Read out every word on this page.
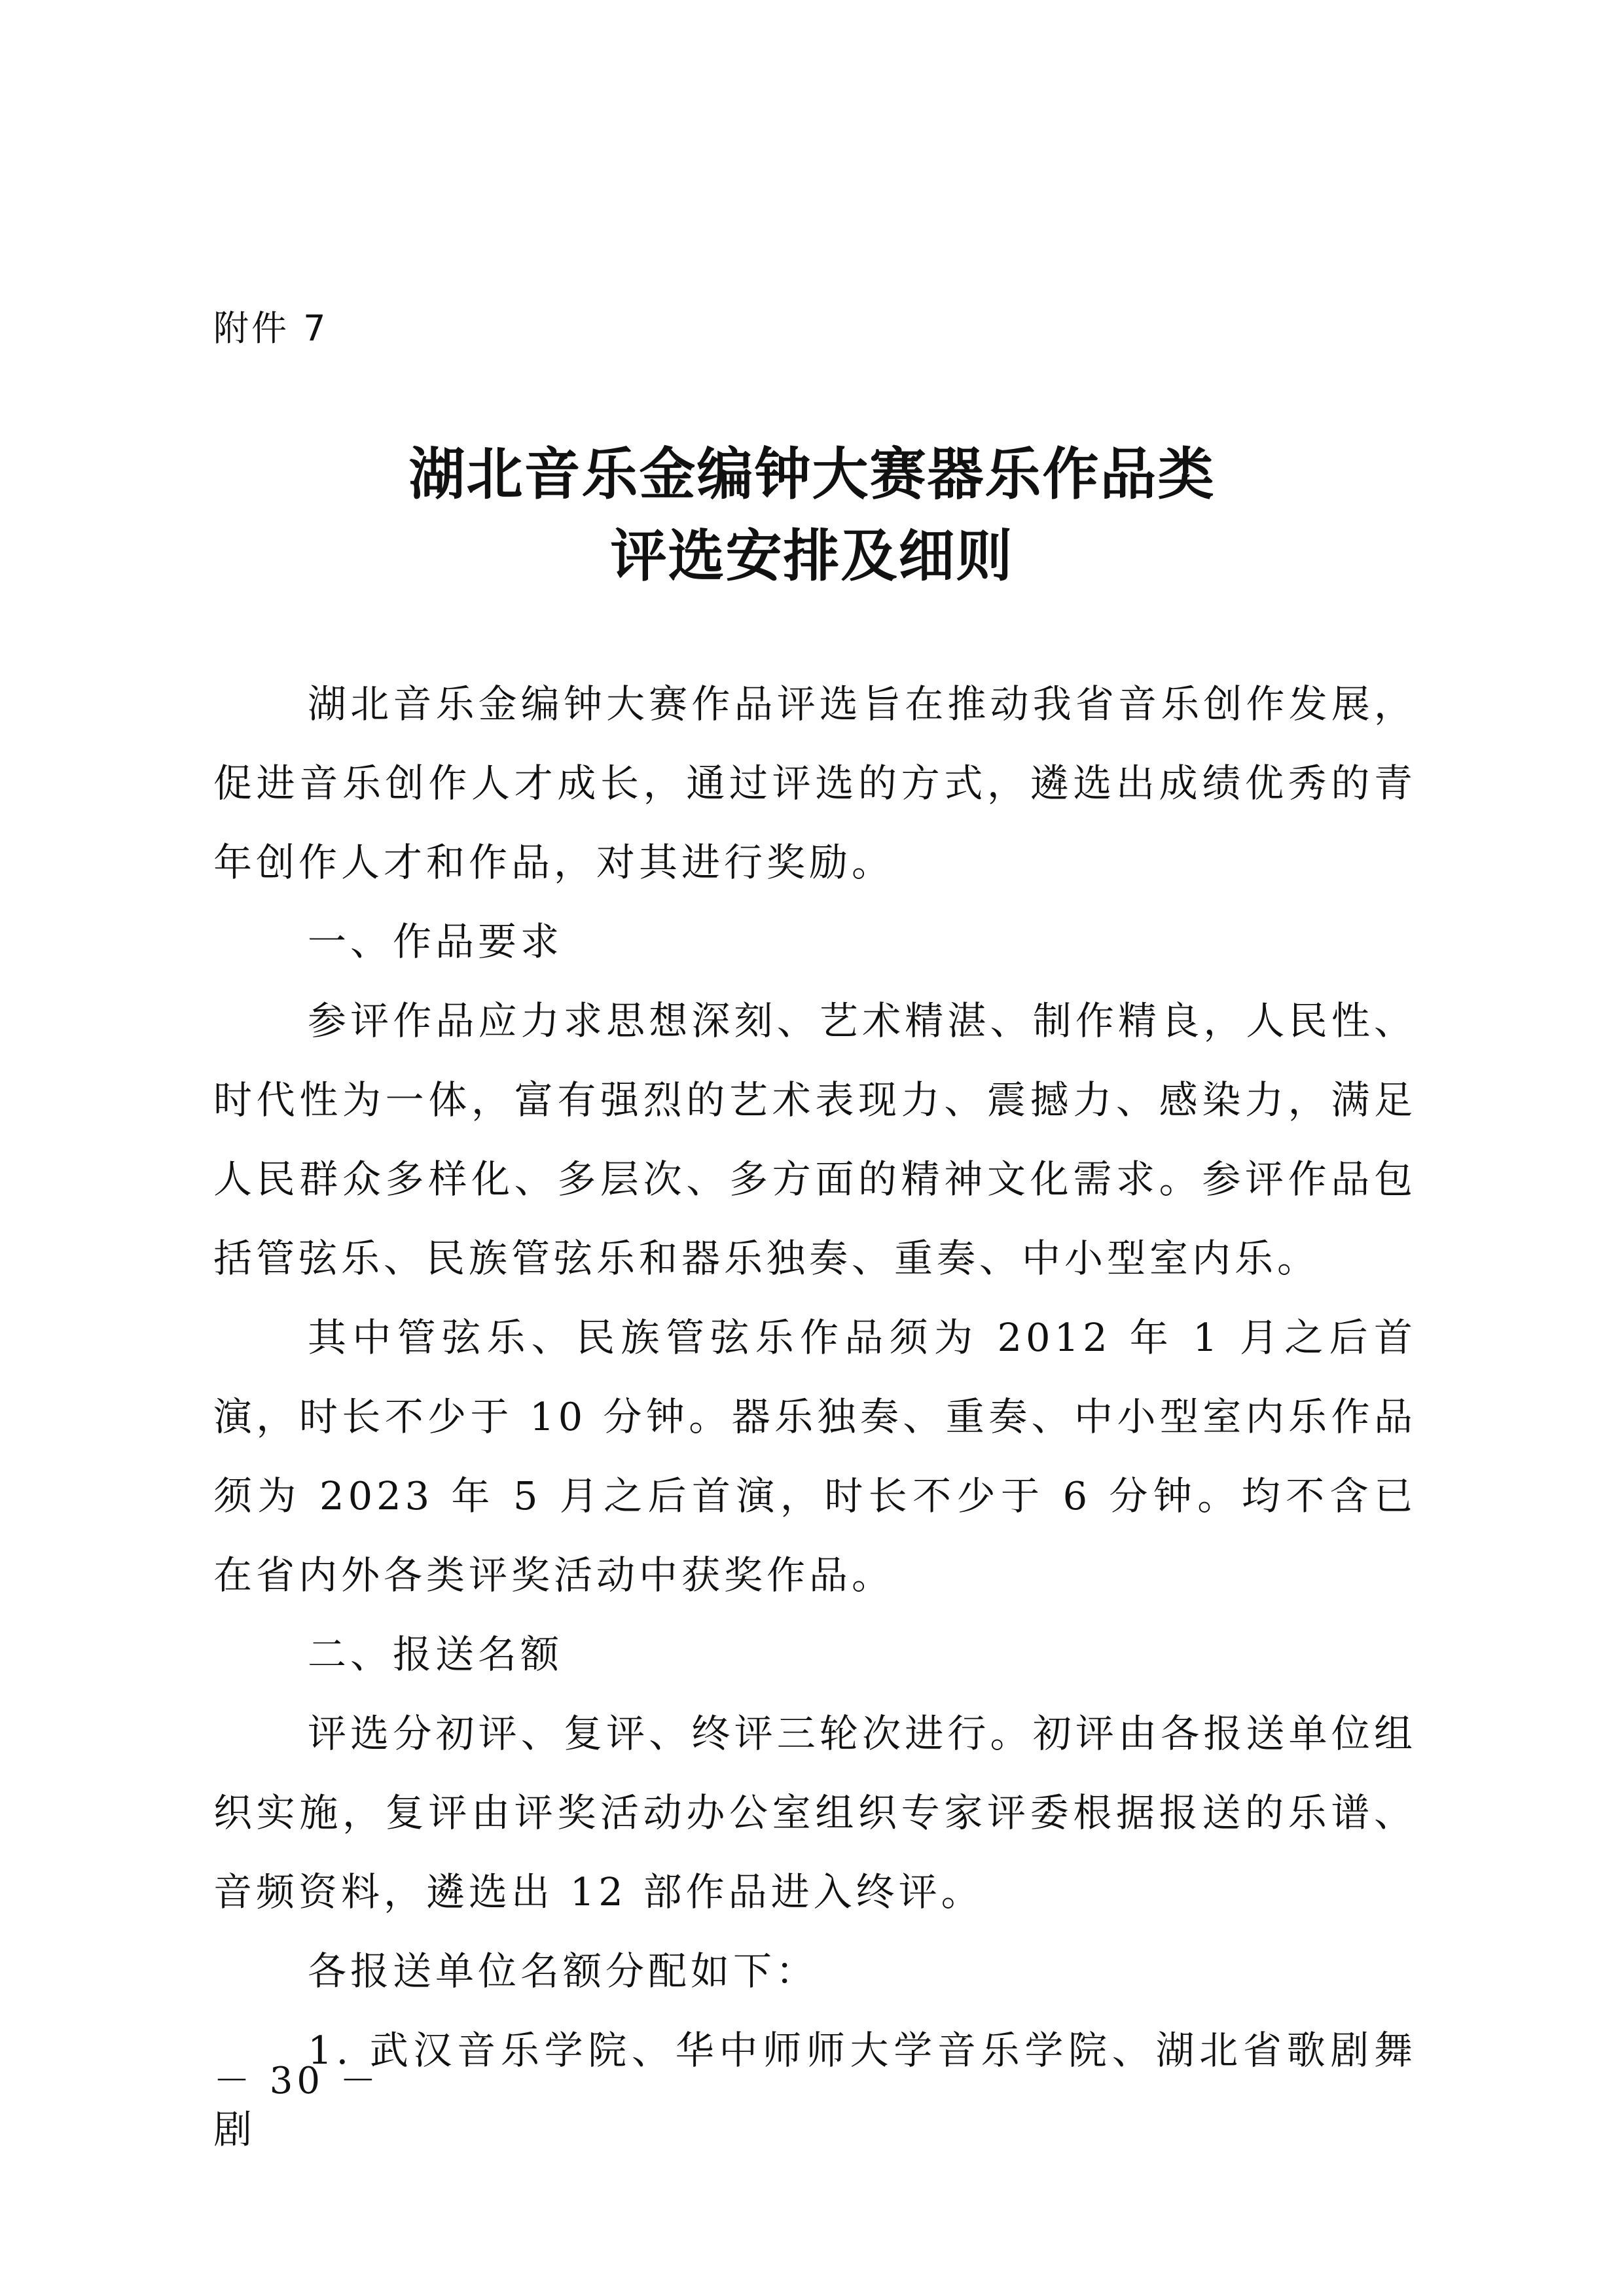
附件 7
湖北音乐金编钟大赛器乐作品类
评选安排及细则

湖北音乐金编钟大赛作品评选旨在推动我省音乐创作发展，促进音乐创作人才成长，通过评选的方式，遴选出成绩优秀的青年创作人才和作品，对其进行奖励。

一、作品要求

参评作品应力求思想深刻、艺术精湛、制作精良，人民性、时代性为一体，富有强烈的艺术表现力、震撼力、感染力，满足人民群众多样化、多层次、多方面的精神文化需求。参评作品包括管弦乐、民族管弦乐和器乐独奏、重奏、中小型室内乐。

其中管弦乐、民族管弦乐作品须为 2012 年 1 月之后首演，时长不少于 10 分钟。器乐独奏、重奏、中小型室内乐作品须为 2023 年 5 月之后首演，时长不少于 6 分钟。均不含已在省内外各类评奖活动中获奖作品。

二、报送名额

评选分初评、复评、终评三轮次进行。初评由各报送单位组织实施，复评由评奖活动办公室组织专家评委根据报送的乐谱、音频资料，遴选出 12 部作品进入终评。

各报送单位名额分配如下：

1. 武汉音乐学院、华中师师大学音乐学院、湖北省歌剧舞剧

－ 30 －
